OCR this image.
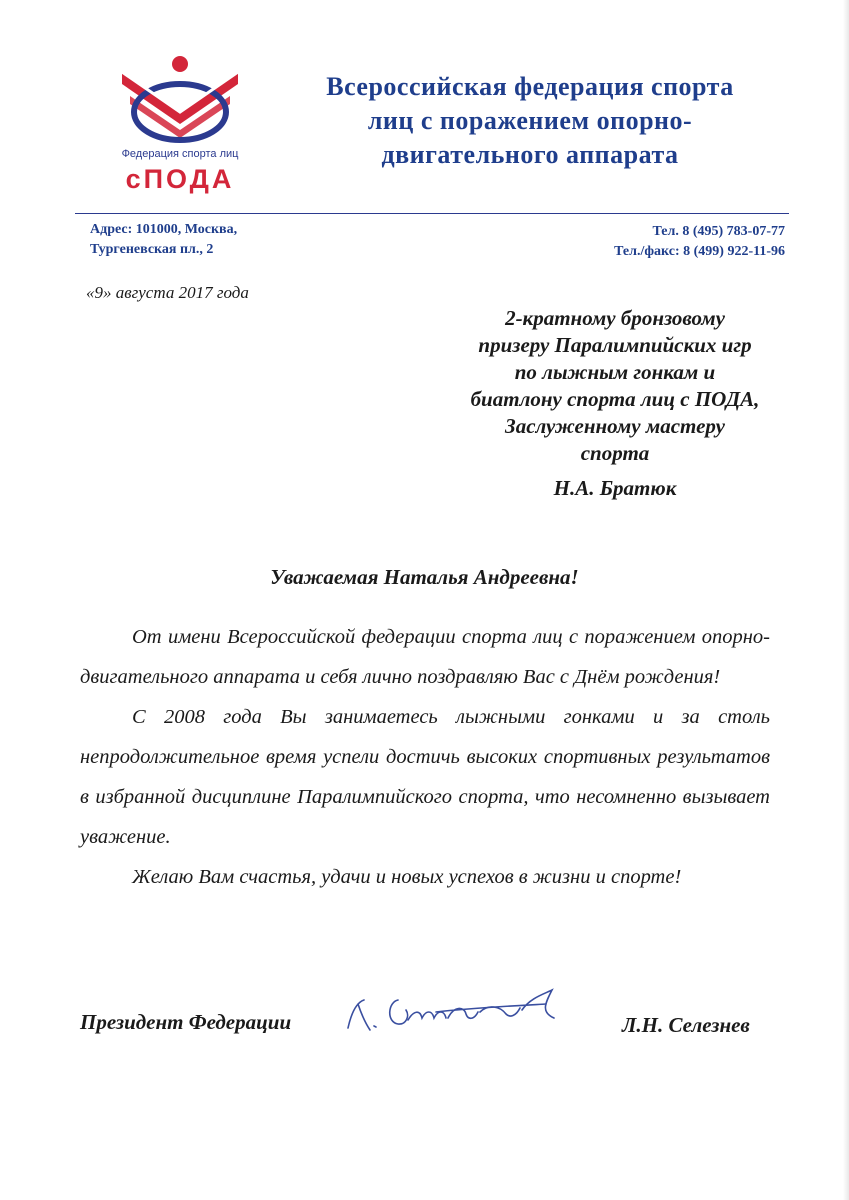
Федерация спорта лиц
сПОДА
Всероссийская федерация спорта
лиц с поражением опорно-
двигательного аппарата
Адрес: 101000, Москва,
Тургеневская пл., 2
Тел. 8 (495) 783-07-77
Тел./факс: 8 (499) 922-11-96
«9» августа 2017 года
2-кратному бронзовому
призеру Паралимпийских игр
по лыжным гонкам и
биатлону спорта лиц с ПОДА,
Заслуженному мастеру
спорта
Н.А. Братюк
Уважаемая Наталья Андреевна!

От имени Всероссийской федерации спорта лиц с поражением опорно-двигательного аппарата и себя лично поздравляю Вас с Днём рождения!

С 2008 года Вы занимаетесь лыжными гонками и за столь непродолжительное время успели достичь высоких спортивных результатов в избранной дисциплине Паралимпийского спорта, что несомненно вызывает уважение.

Желаю Вам счастья, удачи и новых успехов в жизни и спорте!

Президент Федерации	Л.Н. Селезнев
